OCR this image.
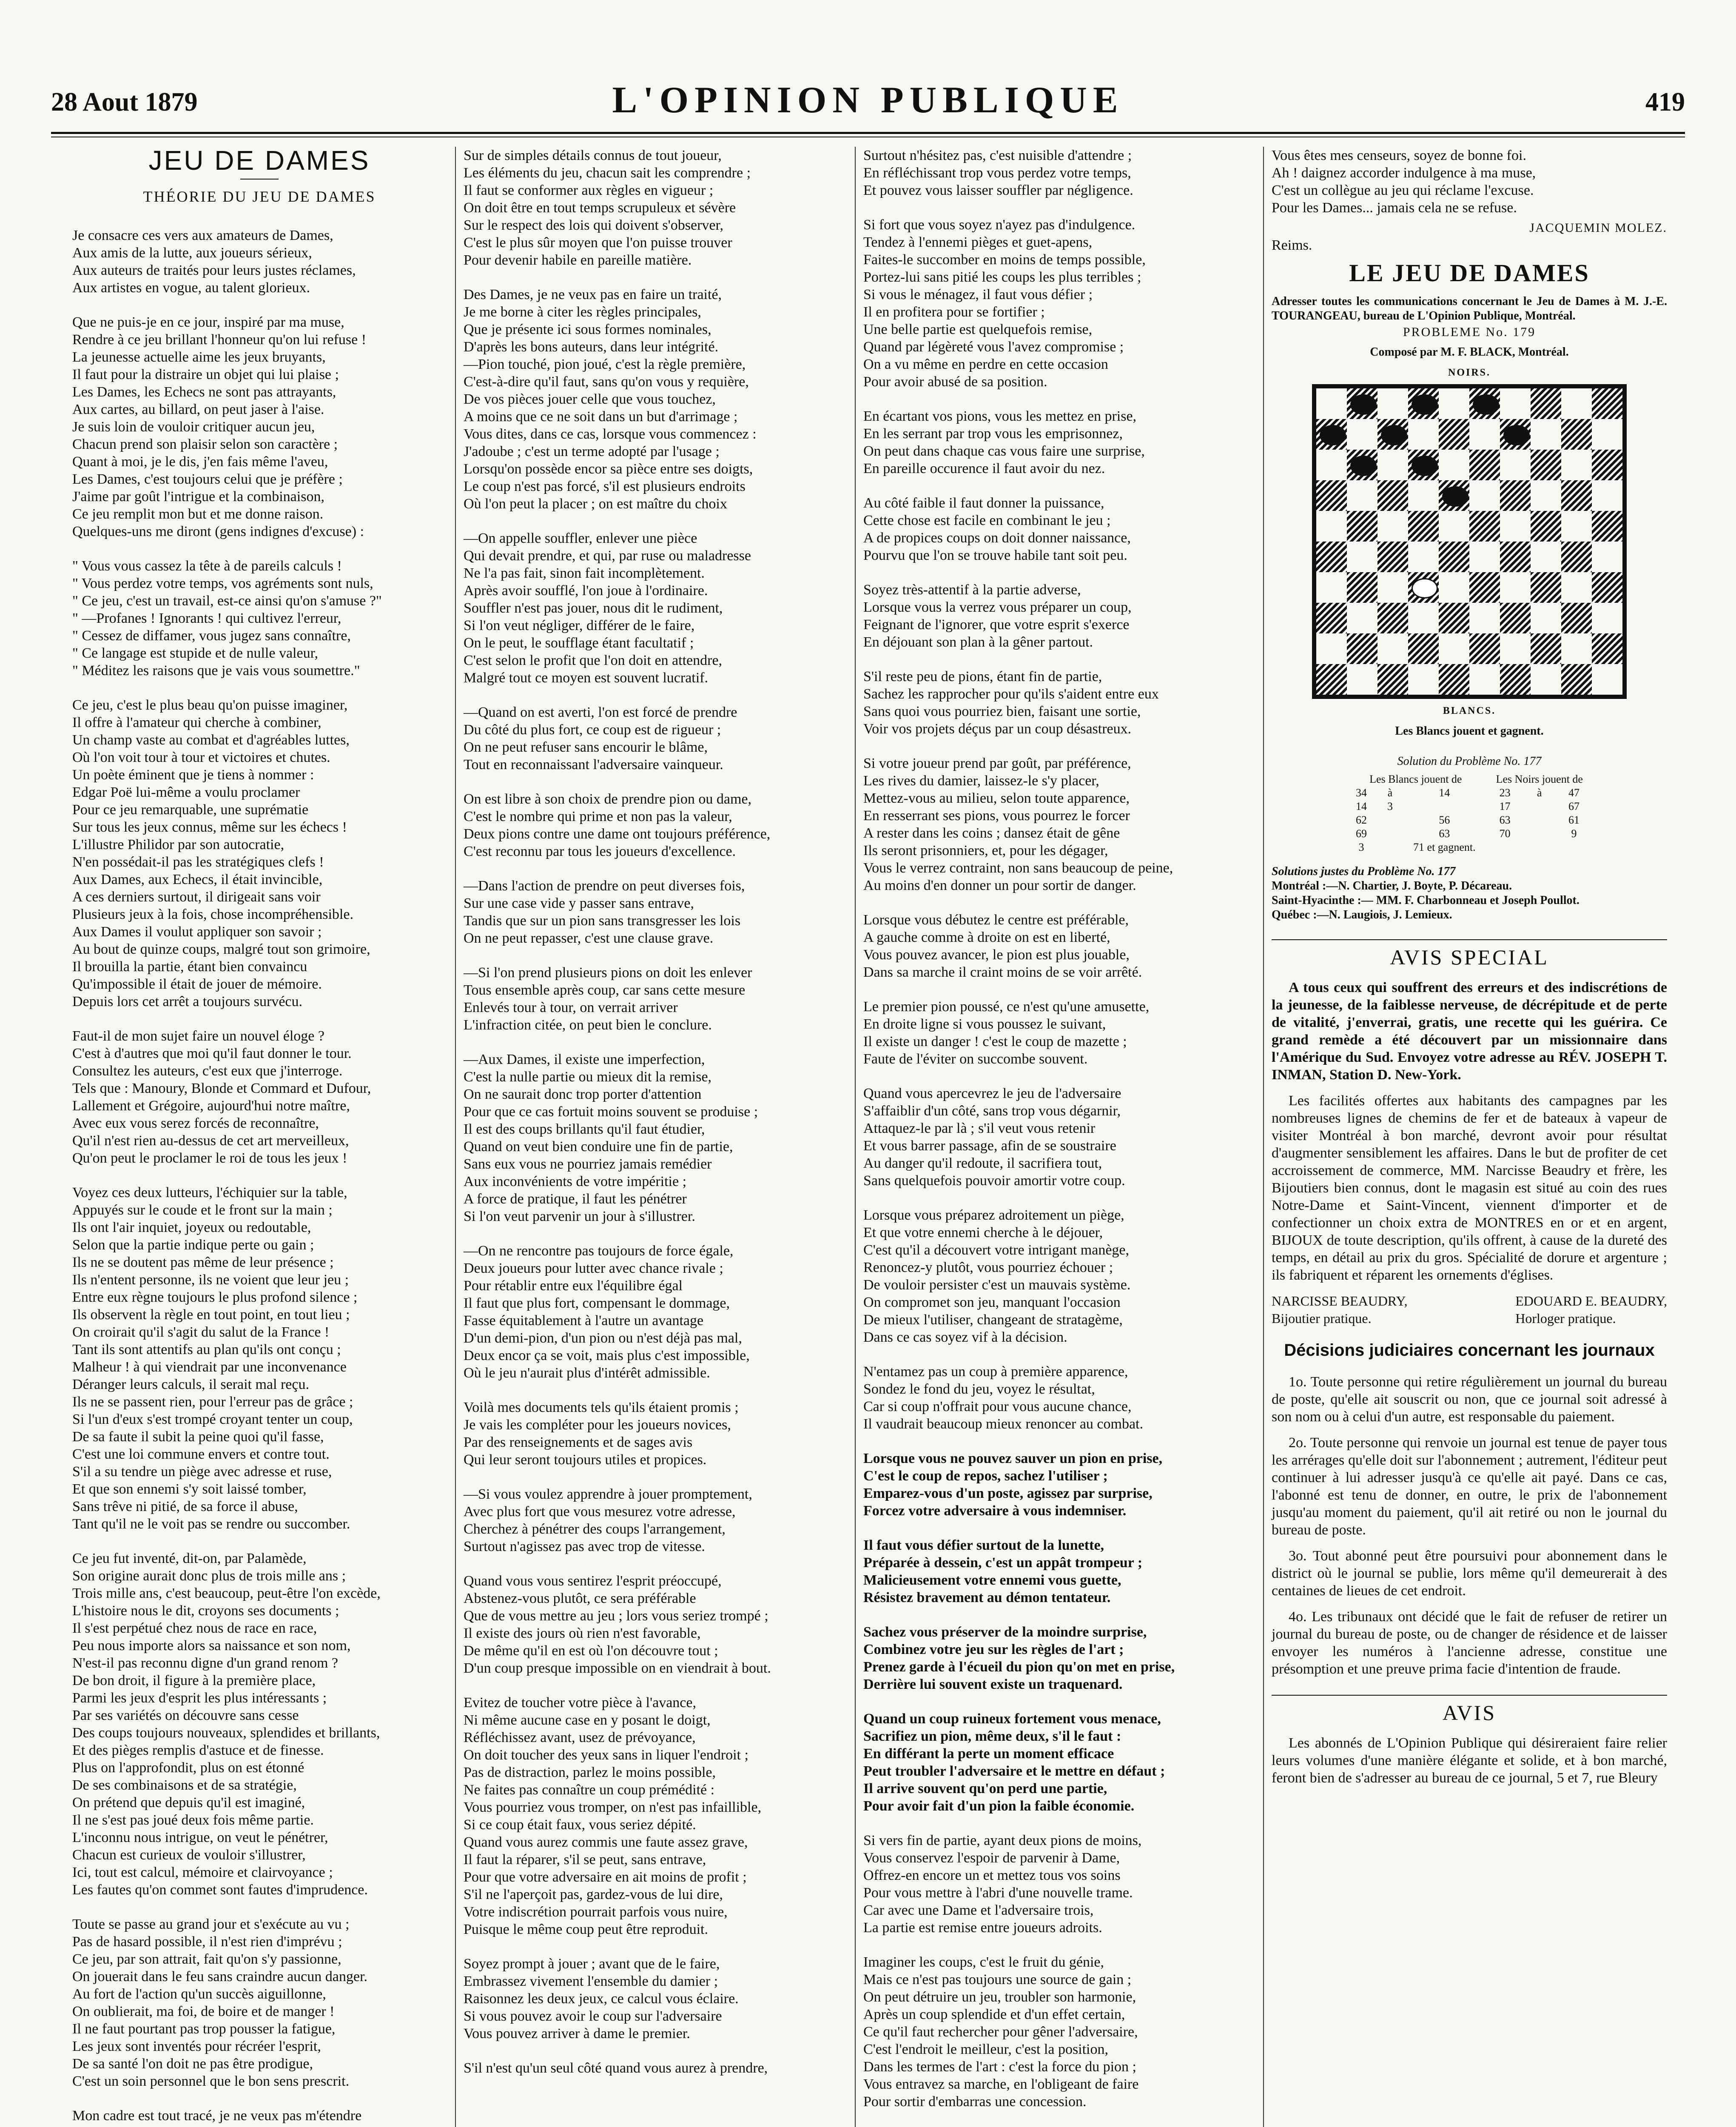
28 Aout 1879	L'OPINION PUBLIQUE	419
JEU DE DAMES
THÉORIE DU JEU DE DAMES

Je consacre ces vers aux amateurs de Dames,
Aux amis de la lutte, aux joueurs sérieux,
Aux auteurs de traités pour leurs justes réclames,
Aux artistes en vogue, au talent glorieux.

Que ne puis-je en ce jour, inspiré par ma muse,
Rendre à ce jeu brillant l'honneur qu'on lui refuse !
La jeunesse actuelle aime les jeux bruyants,
Il faut pour la distraire un objet qui lui plaise ;
Les Dames, les Echecs ne sont pas attrayants,
Aux cartes, au billard, on peut jaser à l'aise.
Je suis loin de vouloir critiquer aucun jeu,
Chacun prend son plaisir selon son caractère ;
Quant à moi, je le dis, j'en fais même l'aveu,
Les Dames, c'est toujours celui que je préfère ;
J'aime par goût l'intrigue et la combinaison,
Ce jeu remplit mon but et me donne raison.
Quelques-uns me diront (gens indignes d'excuse) :

" Vous vous cassez la tête à de pareils calculs !
" Vous perdez votre temps, vos agréments sont nuls,
" Ce jeu, c'est un travail, est-ce ainsi qu'on s'amuse ?"
" —Profanes ! Ignorants ! qui cultivez l'erreur,
" Cessez de diffamer, vous jugez sans connaître,
" Ce langage est stupide et de nulle valeur,
" Méditez les raisons que je vais vous soumettre."

Ce jeu, c'est le plus beau qu'on puisse imaginer,
Il offre à l'amateur qui cherche à combiner,
Un champ vaste au combat et d'agréables luttes,
Où l'on voit tour à tour et victoires et chutes.
Un poète éminent que je tiens à nommer :
Edgar Poë lui-même a voulu proclamer
Pour ce jeu remarquable, une suprématie
Sur tous les jeux connus, même sur les échecs !
L'illustre Philidor par son autocratie,
N'en possédait-il pas les stratégiques clefs !
Aux Dames, aux Echecs, il était invincible,
A ces derniers surtout, il dirigeait sans voir
Plusieurs jeux à la fois, chose incompréhensible.
Aux Dames il voulut appliquer son savoir ;
Au bout de quinze coups, malgré tout son grimoire,
Il brouilla la partie, étant bien convaincu
Qu'impossible il était de jouer de mémoire.
Depuis lors cet arrêt a toujours survécu.

Faut-il de mon sujet faire un nouvel éloge ?
C'est à d'autres que moi qu'il faut donner le tour.
Consultez les auteurs, c'est eux que j'interroge.
Tels que : Manoury, Blonde et Commard et Dufour,
Lallement et Grégoire, aujourd'hui notre maître,
Avec eux vous serez forcés de reconnaître,
Qu'il n'est rien au-dessus de cet art merveilleux,
Qu'on peut le proclamer le roi de tous les jeux !

Voyez ces deux lutteurs, l'échiquier sur la table,
Appuyés sur le coude et le front sur la main ;
Ils ont l'air inquiet, joyeux ou redoutable,
Selon que la partie indique perte ou gain ;
Ils ne se doutent pas même de leur présence ;
Ils n'entent personne, ils ne voient que leur jeu ;
Entre eux règne toujours le plus profond silence ;
Ils observent la règle en tout point, en tout lieu ;
On croirait qu'il s'agit du salut de la France !
Tant ils sont attentifs au plan qu'ils ont conçu ;
Malheur ! à qui viendrait par une inconvenance
Déranger leurs calculs, il serait mal reçu.
Ils ne se passent rien, pour l'erreur pas de grâce ;
Si l'un d'eux s'est trompé croyant tenter un coup,
De sa faute il subit la peine quoi qu'il fasse,
C'est une loi commune envers et contre tout.
S'il a su tendre un piège avec adresse et ruse,
Et que son ennemi s'y soit laissé tomber,
Sans trêve ni pitié, de sa force il abuse,
Tant qu'il ne le voit pas se rendre ou succomber.

Ce jeu fut inventé, dit-on, par Palamède,
Son origine aurait donc plus de trois mille ans ;
Trois mille ans, c'est beaucoup, peut-être l'on excède,
L'histoire nous le dit, croyons ses documents ;
Il s'est perpétué chez nous de race en race,
Peu nous importe alors sa naissance et son nom,
N'est-il pas reconnu digne d'un grand renom ?
De bon droit, il figure à la première place,
Parmi les jeux d'esprit les plus intéressants ;
Par ses variétés on découvre sans cesse
Des coups toujours nouveaux, splendides et brillants,
Et des pièges remplis d'astuce et de finesse.
Plus on l'approfondit, plus on est étonné
De ses combinaisons et de sa stratégie,
On prétend que depuis qu'il est imaginé,
Il ne s'est pas joué deux fois même partie.
L'inconnu nous intrigue, on veut le pénétrer,
Chacun est curieux de vouloir s'illustrer,
Ici, tout est calcul, mémoire et clairvoyance ;
Les fautes qu'on commet sont fautes d'imprudence.

Toute se passe au grand jour et s'exécute au vu ;
Pas de hasard possible, il n'est rien d'imprévu ;
Ce jeu, par son attrait, fait qu'on s'y passionne,
On jouerait dans le feu sans craindre aucun danger.
Au fort de l'action qu'un succès aiguillonne,
On oublierait, ma foi, de boire et de manger !
Il ne faut pourtant pas trop pousser la fatigue,
Les jeux sont inventés pour récréer l'esprit,
De sa santé l'on doit ne pas être prodigue,
C'est un soin personnel que le bon sens prescrit.

Mon cadre est tout tracé, je ne veux pas m'étendre

Sur de simples détails connus de tout joueur,
Les éléments du jeu, chacun sait les comprendre ;
Il faut se conformer aux règles en vigueur ;
On doit être en tout temps scrupuleux et sévère
Sur le respect des lois qui doivent s'observer,
C'est le plus sûr moyen que l'on puisse trouver
Pour devenir habile en pareille matière.

Des Dames, je ne veux pas en faire un traité,
Je me borne à citer les règles principales,
Que je présente ici sous formes nominales,
D'après les bons auteurs, dans leur intégrité.
—Pion touché, pion joué, c'est la règle première,
C'est-à-dire qu'il faut, sans qu'on vous y requière,
De vos pièces jouer celle que vous touchez,
A moins que ce ne soit dans un but d'arrimage ;
Vous dites, dans ce cas, lorsque vous commencez :
J'adoube ; c'est un terme adopté par l'usage ;
Lorsqu'on possède encor sa pièce entre ses doigts,
Le coup n'est pas forcé, s'il est plusieurs endroits
Où l'on peut la placer ; on est maître du choix

—On appelle souffler, enlever une pièce
Qui devait prendre, et qui, par ruse ou maladresse
Ne l'a pas fait, sinon fait incomplètement.
Après avoir soufflé, l'on joue à l'ordinaire.
Souffler n'est pas jouer, nous dit le rudiment,
Si l'on veut négliger, différer de le faire,
On le peut, le soufflage étant facultatif ;
C'est selon le profit que l'on doit en attendre,
Malgré tout ce moyen est souvent lucratif.

—Quand on est averti, l'on est forcé de prendre
Du côté du plus fort, ce coup est de rigueur ;
On ne peut refuser sans encourir le blâme,
Tout en reconnaissant l'adversaire vainqueur.

On est libre à son choix de prendre pion ou dame,
C'est le nombre qui prime et non pas la valeur,
Deux pions contre une dame ont toujours préférence,
C'est reconnu par tous les joueurs d'excellence.

—Dans l'action de prendre on peut diverses fois,
Sur une case vide y passer sans entrave,
Tandis que sur un pion sans transgresser les lois
On ne peut repasser, c'est une clause grave.

—Si l'on prend plusieurs pions on doit les enlever
Tous ensemble après coup, car sans cette mesure
Enlevés tour à tour, on verrait arriver
L'infraction citée, on peut bien le conclure.

—Aux Dames, il existe une imperfection,
C'est la nulle partie ou mieux dit la remise,
On ne saurait donc trop porter d'attention
Pour que ce cas fortuit moins souvent se produise ;
Il est des coups brillants qu'il faut étudier,
Quand on veut bien conduire une fin de partie,
Sans eux vous ne pourriez jamais remédier
Aux inconvénients de votre impéritie ;
A force de pratique, il faut les pénétrer
Si l'on veut parvenir un jour à s'illustrer.

—On ne rencontre pas toujours de force égale,
Deux joueurs pour lutter avec chance rivale ;
Pour rétablir entre eux l'équilibre égal
Il faut que plus fort, compensant le dommage,
Fasse équitablement à l'autre un avantage
D'un demi-pion, d'un pion ou n'est déjà pas mal,
Deux encor ça se voit, mais plus c'est impossible,
Où le jeu n'aurait plus d'intérêt admissible.

Voilà mes documents tels qu'ils étaient promis ;
Je vais les compléter pour les joueurs novices,
Par des renseignements et de sages avis
Qui leur seront toujours utiles et propices.

—Si vous voulez apprendre à jouer promptement,
Avec plus fort que vous mesurez votre adresse,
Cherchez à pénétrer des coups l'arrangement,
Surtout n'agissez pas avec trop de vitesse.

Quand vous vous sentirez l'esprit préoccupé,
Abstenez-vous plutôt, ce sera préférable
Que de vous mettre au jeu ; lors vous seriez trompé ;
Il existe des jours où rien n'est favorable,
De même qu'il en est où l'on découvre tout ;
D'un coup presque impossible on en viendrait à bout.

Evitez de toucher votre pièce à l'avance,
Ni même aucune case en y posant le doigt,
Réfléchissez avant, usez de prévoyance,
On doit toucher des yeux sans in liquer l'endroit ;
Pas de distraction, parlez le moins possible,
Ne faites pas connaître un coup prémédité :
Vous pourriez vous tromper, on n'est pas infaillible,
Si ce coup était faux, vous seriez dépité.
Quand vous aurez commis une faute assez grave,
Il faut la réparer, s'il se peut, sans entrave,
Pour que votre adversaire en ait moins de profit ;
S'il ne l'aperçoit pas, gardez-vous de lui dire,
Votre indiscrétion pourrait parfois vous nuire,
Puisque le même coup peut être reproduit.

Soyez prompt à jouer ; avant que de le faire,
Embrassez vivement l'ensemble du damier ;
Raisonnez les deux jeux, ce calcul vous éclaire.
Si vous pouvez avoir le coup sur l'adversaire
Vous pouvez arriver à dame le premier.

S'il n'est qu'un seul côté quand vous aurez à prendre,

Surtout n'hésitez pas, c'est nuisible d'attendre ;
En réfléchissant trop vous perdez votre temps,
Et pouvez vous laisser souffler par négligence.

Si fort que vous soyez n'ayez pas d'indulgence.
Tendez à l'ennemi pièges et guet-apens,
Faites-le succomber en moins de temps possible,
Portez-lui sans pitié les coups les plus terribles ;
Si vous le ménagez, il faut vous défier ;
Il en profitera pour se fortifier ;
Une belle partie est quelquefois remise,
Quand par légèreté vous l'avez compromise ;
On a vu même en perdre en cette occasion
Pour avoir abusé de sa position.

En écartant vos pions, vous les mettez en prise,
En les serrant par trop vous les emprisonnez,
On peut dans chaque cas vous faire une surprise,
En pareille occurence il faut avoir du nez.

Au côté faible il faut donner la puissance,
Cette chose est facile en combinant le jeu ;
A de propices coups on doit donner naissance,
Pourvu que l'on se trouve habile tant soit peu.

Soyez très-attentif à la partie adverse,
Lorsque vous la verrez vous préparer un coup,
Feignant de l'ignorer, que votre esprit s'exerce
En déjouant son plan à la gêner partout.

S'il reste peu de pions, étant fin de partie,
Sachez les rapprocher pour qu'ils s'aident entre eux
Sans quoi vous pourriez bien, faisant une sortie,
Voir vos projets déçus par un coup désastreux.

Si votre joueur prend par goût, par préférence,
Les rives du damier, laissez-le s'y placer,
Mettez-vous au milieu, selon toute apparence,
En resserrant ses pions, vous pourrez le forcer
A rester dans les coins ; dansez était de gêne
Ils seront prisonniers, et, pour les dégager,
Vous le verrez contraint, non sans beaucoup de peine,
Au moins d'en donner un pour sortir de danger.

Lorsque vous débutez le centre est préférable,
A gauche comme à droite on est en liberté,
Vous pouvez avancer, le pion est plus jouable,
Dans sa marche il craint moins de se voir arrêté.

Le premier pion poussé, ce n'est qu'une amusette,
En droite ligne si vous poussez le suivant,
Il existe un danger ! c'est le coup de mazette ;
Faute de l'éviter on succombe souvent.

Quand vous apercevrez le jeu de l'adversaire
S'affaiblir d'un côté, sans trop vous dégarnir,
Attaquez-le par là ; s'il veut vous retenir
Et vous barrer passage, afin de se soustraire
Au danger qu'il redoute, il sacrifiera tout,
Sans quelquefois pouvoir amortir votre coup.

Lorsque vous préparez adroitement un piège,
Et que votre ennemi cherche à le déjouer,
C'est qu'il a découvert votre intrigant manège,
Renoncez-y plutôt, vous pourriez échouer ;
De vouloir persister c'est un mauvais système.
On compromet son jeu, manquant l'occasion
De mieux l'utiliser, changeant de stratagème,
Dans ce cas soyez vif à la décision.

N'entamez pas un coup à première apparence,
Sondez le fond du jeu, voyez le résultat,
Car si coup n'offrait pour vous aucune chance,
Il vaudrait beaucoup mieux renoncer au combat.

Lorsque vous ne pouvez sauver un pion en prise,
C'est le coup de repos, sachez l'utiliser ;
Emparez-vous d'un poste, agissez par surprise,
Forcez votre adversaire à vous indemniser.

Il faut vous défier surtout de la lunette,
Préparée à dessein, c'est un appât trompeur ;
Malicieusement votre ennemi vous guette,
Résistez bravement au démon tentateur.

Sachez vous préserver de la moindre surprise,
Combinez votre jeu sur les règles de l'art ;
Prenez garde à l'écueil du pion qu'on met en prise,
Derrière lui souvent existe un traquenard.

Quand un coup ruineux fortement vous menace,
Sacrifiez un pion, même deux, s'il le faut :
En différant la perte un moment efficace
Peut troubler l'adversaire et le mettre en défaut ;
Il arrive souvent qu'on perd une partie,
Pour avoir fait d'un pion la faible économie.

Si vers fin de partie, ayant deux pions de moins,
Vous conservez l'espoir de parvenir à Dame,
Offrez-en encore un et mettez tous vos soins
Pour vous mettre à l'abri d'une nouvelle trame.
Car avec une Dame et l'adversaire trois,
La partie est remise entre joueurs adroits.

Imaginer les coups, c'est le fruit du génie,
Mais ce n'est pas toujours une source de gain ;
On peut détruire un jeu, troubler son harmonie,
Après un coup splendide et d'un effet certain,
Ce qu'il faut rechercher pour gêner l'adversaire,
C'est l'endroit le meilleur, c'est la position,
Dans les termes de l'art : c'est la force du pion ;
Vous entravez sa marche, en l'obligeant de faire
Pour sortir d'embarras une concession.

Vous êtes mes censeurs, soyez de bonne foi.
Ah ! daignez accorder indulgence à ma muse,
C'est un collègue au jeu qui réclame l'excuse.
Pour les Dames... jamais cela ne se refuse.

JACQUEMIN MOLEZ.

Reims.

LE JEU DE DAMES

Adresser toutes les communications concernant le Jeu de Dames à M. J.-E. TOURANGEAU, bureau de L'Opinion Publique, Montréal.

PROBLEME No. 179
Composé par M. F. BLACK, Montréal.
NOIRS.
BLANCS.
Les Blancs jouent et gagnent.
Solution du Problème No. 177
Les Blancs jouent de			Les Noirs jouent de		
34	à	14	23	à	47
14	3		17		67
62		56	63		61
69		63	70		9
3		71 et gagnent.			
Solutions justes du Problème No. 177

Montréal :—N. Chartier, J. Boyte, P. Décareau.
Saint-Hyacinthe :— MM. F. Charbonneau et Joseph Poullot.
Québec :—N. Laugiois, J. Lemieux.

AVIS SPECIAL

A tous ceux qui souffrent des erreurs et des indiscrétions de la jeunesse, de la faiblesse nerveuse, de décrépitude et de perte de vitalité, j'enverrai, gratis, une recette qui les guérira. Ce grand remède a été découvert par un missionnaire dans l'Amérique du Sud. Envoyez votre adresse au RÉV. JOSEPH T. INMAN, Station D. New-York.

Les facilités offertes aux habitants des campagnes par les nombreuses lignes de chemins de fer et de bateaux à vapeur de visiter Montréal à bon marché, devront avoir pour résultat d'augmenter sensiblement les affaires. Dans le but de profiter de cet accroissement de commerce, MM. Narcisse Beaudry et frère, les Bijoutiers bien connus, dont le magasin est situé au coin des rues Notre-Dame et Saint-Vincent, viennent d'importer et de confectionner un choix extra de MONTRES en or et en argent, BIJOUX de toute description, qu'ils offrent, à cause de la dureté des temps, en détail au prix du gros. Spécialité de dorure et argenture ; ils fabriquent et réparent les ornements d'églises.

NARCISSE BEAUDRY,
Bijoutier pratique.

EDOUARD E. BEAUDRY,
Horloger pratique.

Décisions judiciaires concernant les journaux

1o. Toute personne qui retire régulièrement un journal du bureau de poste, qu'elle ait souscrit ou non, que ce journal soit adressé à son nom ou à celui d'un autre, est responsable du paiement.

2o. Toute personne qui renvoie un journal est tenue de payer tous les arrérages qu'elle doit sur l'abonnement ; autrement, l'éditeur peut continuer à lui adresser jusqu'à ce qu'elle ait payé. Dans ce cas, l'abonné est tenu de donner, en outre, le prix de l'abonnement jusqu'au moment du paiement, qu'il ait retiré ou non le journal du bureau de poste.

3o. Tout abonné peut être poursuivi pour abonnement dans le district où le journal se publie, lors même qu'il demeurerait à des centaines de lieues de cet endroit.

4o. Les tribunaux ont décidé que le fait de refuser de retirer un journal du bureau de poste, ou de changer de résidence et de laisser envoyer les numéros à l'ancienne adresse, constitue une présomption et une preuve prima facie d'intention de fraude.

AVIS

Les abonnés de L'Opinion Publique qui désireraient faire relier leurs volumes d'une manière élégante et solide, et à bon marché, feront bien de s'adresser au bureau de ce journal, 5 et 7, rue Bleury
